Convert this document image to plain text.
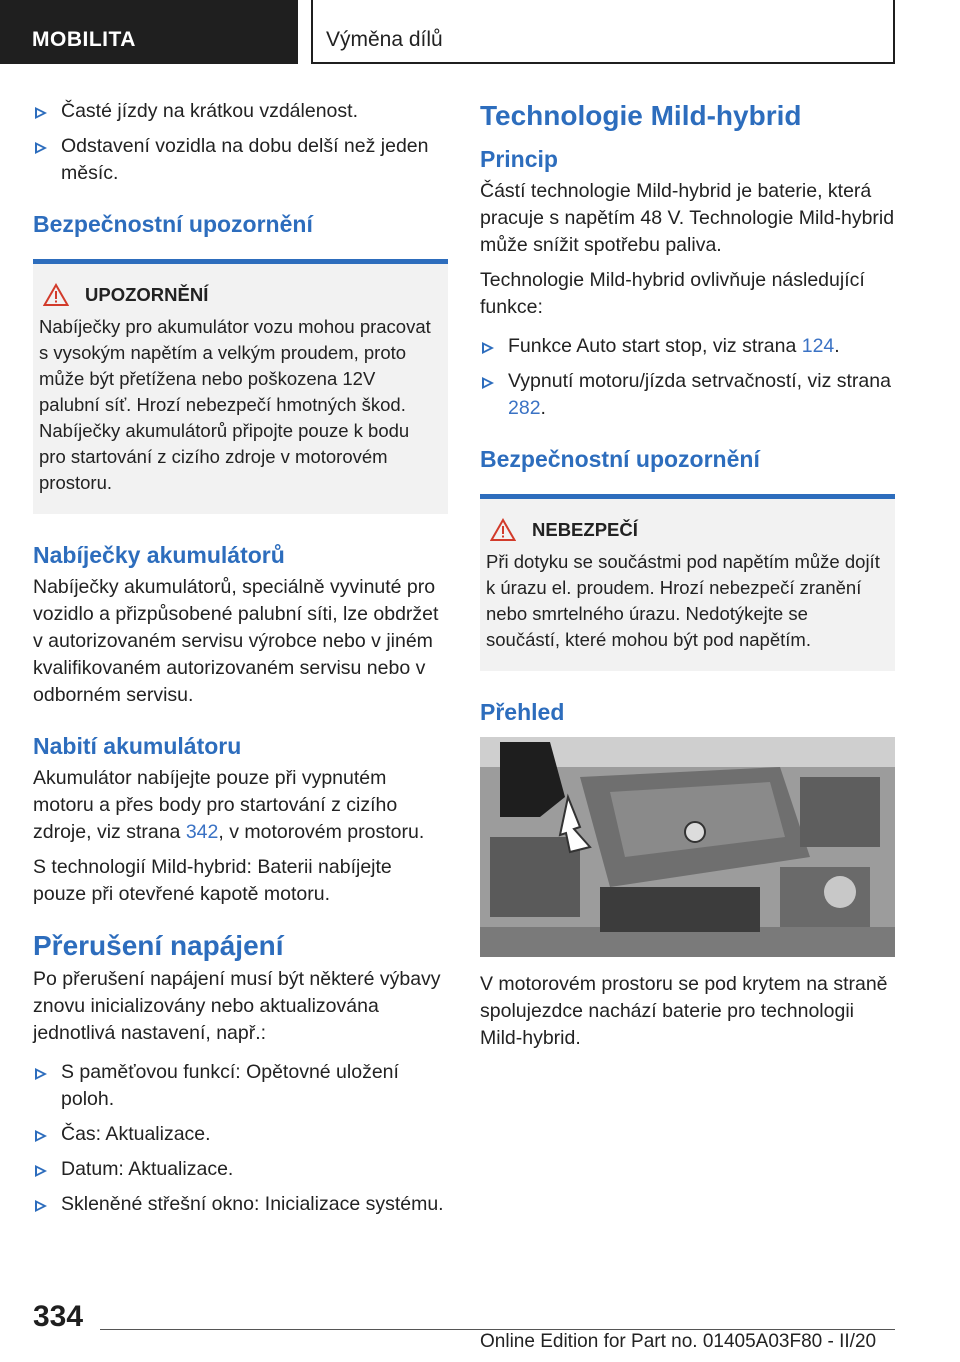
MOBILITA	Výměna dílů
Časté jízdy na krátkou vzdálenost.
Odstavení vozidla na dobu delší než jeden měsíc.
Bezpečnostní upozornění
UPOZORNĚNÍ
Nabíječky pro akumulátor vozu mohou pracovat s vysokým napětím a velkým proudem, proto může být přetížena nebo poškozena 12V palubní síť. Hrozí nebezpečí hmotných škod. Nabíječky akumulátorů připojte pouze k bodu pro startování z cizího zdroje v motorovém prostoru.
Nabíječky akumulátorů

Nabíječky akumulátorů, speciálně vyvinuté pro vozidlo a přizpůsobené palubní síti, lze obdržet v autorizovaném servisu výrobce nebo v jiném kvalifikovaném autorizovaném servisu nebo v odborném servisu.

Nabití akumulátoru

Akumulátor nabíjejte pouze při vypnutém motoru a přes body pro startování z cizího zdroje, viz strana 342, v motorovém prostoru.

S technologií Mild-hybrid: Baterii nabíjejte pouze při otevřené kapotě motoru.

Přerušení napájení

Po přerušení napájení musí být některé výbavy znovu inicializovány nebo aktualizována jednotlivá nastavení, např.:

S paměťovou funkcí: Opětovné uložení poloh.
Čas: Aktualizace.
Datum: Aktualizace.
Skleněné střešní okno: Inicializace systému.
Technologie Mild-hybrid
Princip

Částí technologie Mild-hybrid je baterie, která pracuje s napětím 48 V. Technologie Mild-hybrid může snížit spotřebu paliva.

Technologie Mild-hybrid ovlivňuje následující funkce:

Funkce Auto start stop, viz strana 124.
Vypnutí motoru/jízda setrvačností, viz strana 282.
Bezpečnostní upozornění
NEBEZPEČÍ
Při dotyku se součástmi pod napětím může dojít k úrazu el. proudem. Hrozí nebezpečí zranění nebo smrtelného úrazu. Nedotýkejte se součástí, které mohou být pod napětím.
Přehled

V motorovém prostoru se pod krytem na straně spolujezdce nachází baterie pro technologii Mild-hybrid.

334
Online Edition for Part no. 01405A03F80 - II/20
